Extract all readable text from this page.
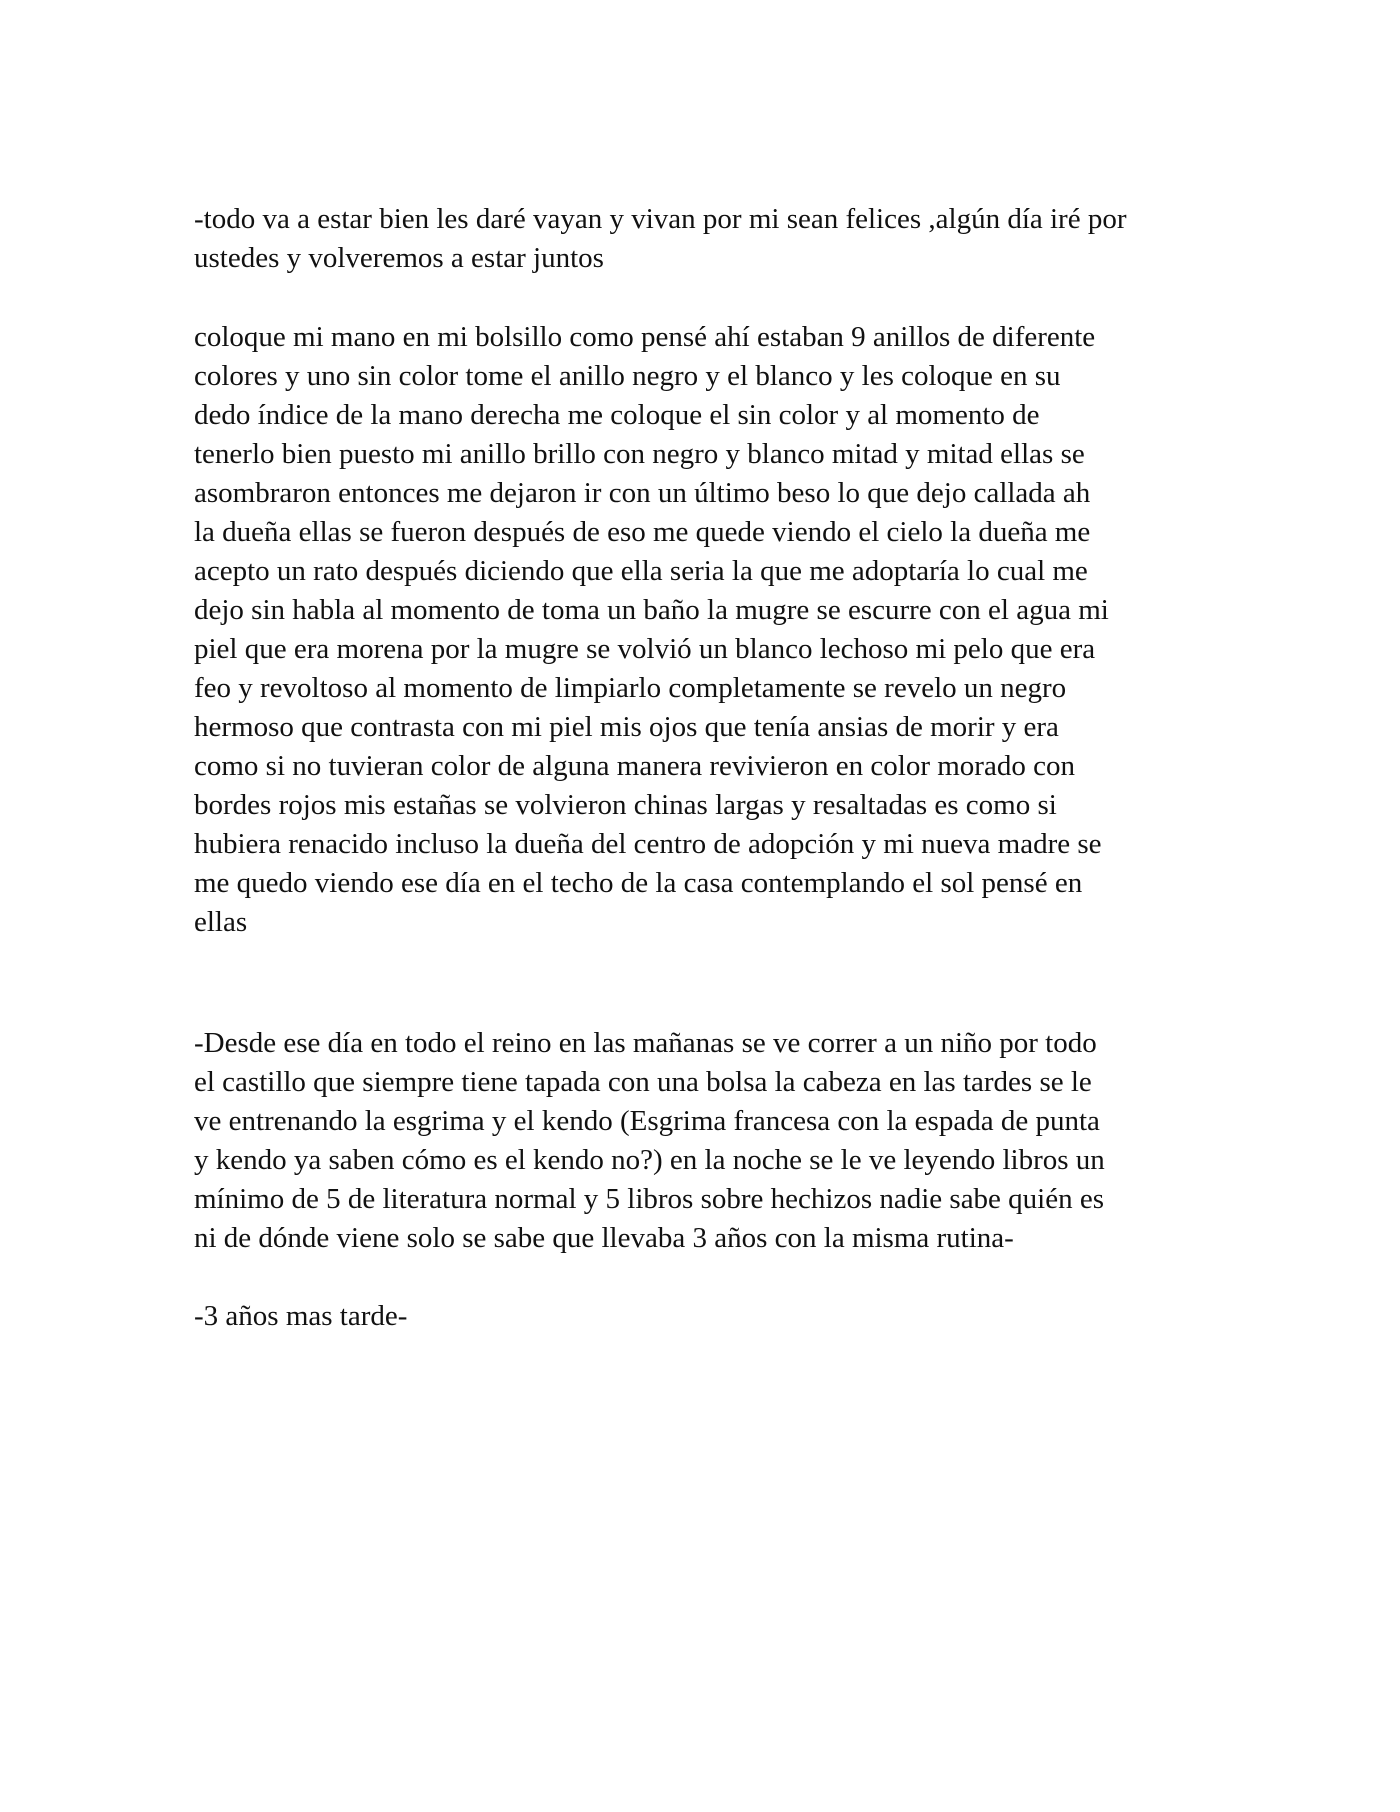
-todo va a estar bien les daré vayan y vivan por mi sean felices ,algún día iré por
ustedes y volveremos a estar juntos
coloque mi mano en mi bolsillo como pensé ahí estaban 9 anillos de diferente
colores y uno sin color tome el anillo negro y el blanco y les coloque en su
dedo índice de la mano derecha me coloque el sin color y al momento de
tenerlo bien puesto mi anillo brillo con negro y blanco mitad y mitad ellas se
asombraron entonces me dejaron ir con un último beso lo que dejo callada ah
la dueña ellas se fueron después de eso me quede viendo el cielo la dueña me
acepto un rato después diciendo que ella seria la que me adoptaría lo cual me
dejo sin habla al momento de toma un baño la mugre se escurre con el agua mi
piel que era morena por la mugre se volvió un blanco lechoso mi pelo que era
feo y revoltoso al momento de limpiarlo completamente se revelo un negro
hermoso que contrasta con mi piel mis ojos que tenía ansias de morir y era
como si no tuvieran color de alguna manera revivieron en color morado con
bordes rojos mis estañas se volvieron chinas largas y resaltadas es como si
hubiera renacido incluso la dueña del centro de adopción y mi nueva madre se
me quedo viendo ese día en el techo de la casa contemplando el sol pensé en
ellas
-Desde ese día en todo el reino en las mañanas se ve correr a un niño por todo
el castillo que siempre tiene tapada con una bolsa la cabeza en las tardes se le
ve entrenando la esgrima y el kendo (Esgrima francesa con la espada de punta
y kendo ya saben cómo es el kendo no?) en la noche se le ve leyendo libros un
mínimo de 5 de literatura normal y 5 libros sobre hechizos nadie sabe quién es
ni de dónde viene solo se sabe que llevaba 3 años con la misma rutina-
-3 años mas tarde-
